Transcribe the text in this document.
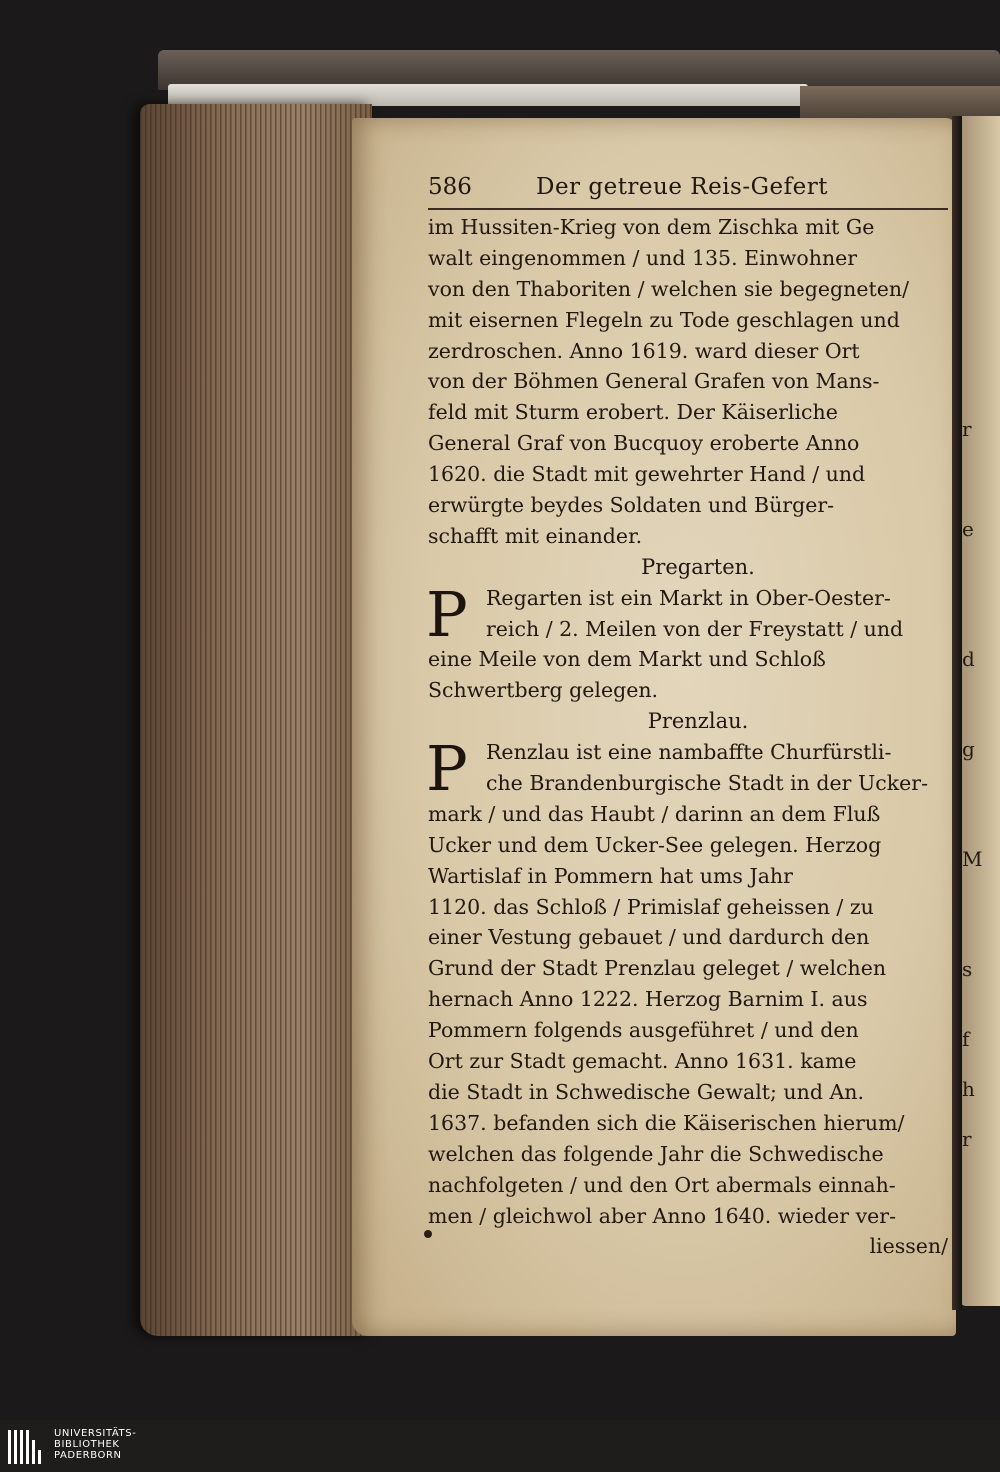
r
e
d
g
M
s
f
h
r
586	Der getreue Reis-Gefert
im Hussiten-Krieg von dem Zischka mit Ge
walt eingenommen / und 135. Einwohner
von den Thaboriten / welchen sie begegneten/
mit eisernen Flegeln zu Tode geschlagen und
zerdroschen. Anno 1619. ward dieser Ort
von der Böhmen General Grafen von Mans-
feld mit Sturm erobert. Der Käiserliche
General Graf von Bucquoy eroberte Anno
1620. die Stadt mit gewehrter Hand / und
erwürgte beydes Soldaten und Bürger-
schafft mit einander.
Pregarten.
P Regarten ist ein Markt in Ober-Oester-
reich / 2. Meilen von der Freystatt / und
eine Meile von dem Markt und Schloß
Schwertberg gelegen.
Prenzlau.
P Renzlau ist eine nambaffte Churfürstli-
che Brandenburgische Stadt in der Ucker-
mark / und das Haubt / darinn an dem Fluß
Ucker und dem Ucker-See gelegen. Herzog
Wartislaf in Pommern hat ums Jahr
1120. das Schloß / Primislaf geheissen / zu
einer Vestung gebauet / und dardurch den
Grund der Stadt Prenzlau geleget / welchen
hernach Anno 1222. Herzog Barnim I. aus
Pommern folgends ausgeführet / und den
Ort zur Stadt gemacht. Anno 1631. kame
die Stadt in Schwedische Gewalt; und An.
1637. befanden sich die Käiserischen hierum/
welchen das folgende Jahr die Schwedische
nachfolgeten / und den Ort abermals einnah-
men / gleichwol aber Anno 1640. wieder ver-
liessen/
UNIVERSITÄTS-
BIBLIOTHEK
PADERBORN
